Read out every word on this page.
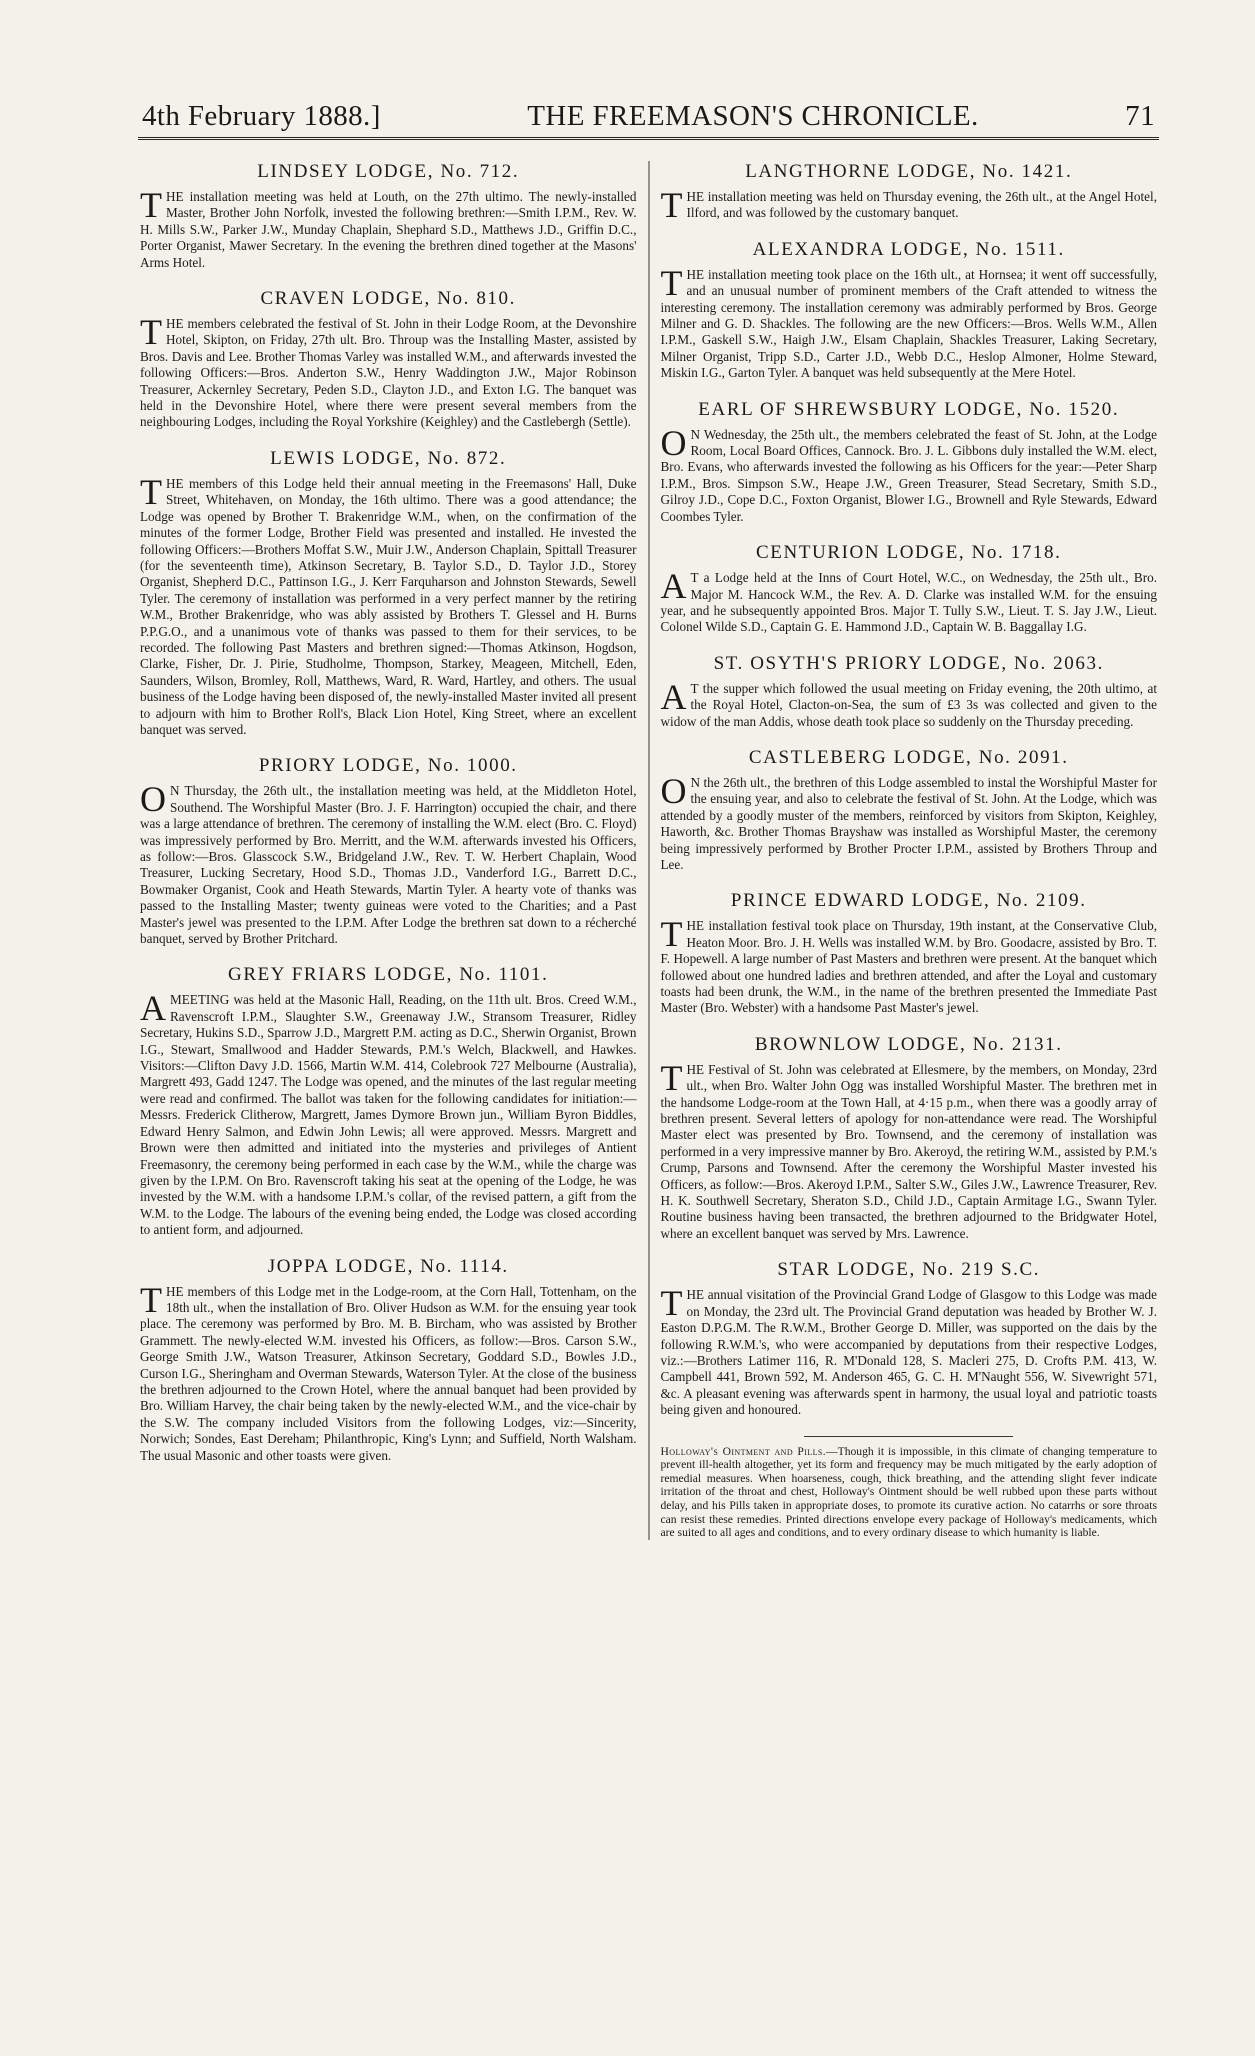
4th February 1888.]	THE FREEMASON'S CHRONICLE.	71
LINDSEY LODGE, No. 712.

THE installation meeting was held at Louth, on the 27th ultimo. The newly-installed Master, Brother John Norfolk, invested the following brethren:—Smith I.P.M., Rev. W. H. Mills S.W., Parker J.W., Munday Chaplain, Shephard S.D., Matthews J.D., Griffin D.C., Porter Organist, Mawer Secretary. In the evening the brethren dined together at the Masons' Arms Hotel.

CRAVEN LODGE, No. 810.

THE members celebrated the festival of St. John in their Lodge Room, at the Devonshire Hotel, Skipton, on Friday, 27th ult. Bro. Throup was the Installing Master, assisted by Bros. Davis and Lee. Brother Thomas Varley was installed W.M., and afterwards invested the following Officers:—Bros. Anderton S.W., Henry Waddington J.W., Major Robinson Treasurer, Ackernley Secretary, Peden S.D., Clayton J.D., and Exton I.G. The banquet was held in the Devonshire Hotel, where there were present several members from the neighbouring Lodges, including the Royal Yorkshire (Keighley) and the Castlebergh (Settle).

LEWIS LODGE, No. 872.

THE members of this Lodge held their annual meeting in the Freemasons' Hall, Duke Street, Whitehaven, on Monday, the 16th ultimo. There was a good attendance; the Lodge was opened by Brother T. Brakenridge W.M., when, on the confirmation of the minutes of the former Lodge, Brother Field was presented and installed. He invested the following Officers:—Brothers Moffat S.W., Muir J.W., Anderson Chaplain, Spittall Treasurer (for the seventeenth time), Atkinson Secretary, B. Taylor S.D., D. Taylor J.D., Storey Organist, Shepherd D.C., Pattinson I.G., J. Kerr Farquharson and Johnston Stewards, Sewell Tyler. The ceremony of installation was performed in a very perfect manner by the retiring W.M., Brother Brakenridge, who was ably assisted by Brothers T. Glessel and H. Burns P.P.G.O., and a unanimous vote of thanks was passed to them for their services, to be recorded. The following Past Masters and brethren signed:—Thomas Atkinson, Hogdson, Clarke, Fisher, Dr. J. Pirie, Studholme, Thompson, Starkey, Meageen, Mitchell, Eden, Saunders, Wilson, Bromley, Roll, Matthews, Ward, R. Ward, Hartley, and others. The usual business of the Lodge having been disposed of, the newly-installed Master invited all present to adjourn with him to Brother Roll's, Black Lion Hotel, King Street, where an excellent banquet was served.

PRIORY LODGE, No. 1000.

O N Thursday, the 26th ult., the installation meeting was held, at the Middleton Hotel, Southend. The Worshipful Master (Bro. J. F. Harrington) occupied the chair, and there was a large attendance of brethren. The ceremony of installing the W.M. elect (Bro. C. Floyd) was impressively performed by Bro. Merritt, and the W.M. afterwards invested his Officers, as follow:—Bros. Glasscock S.W., Bridgeland J.W., Rev. T. W. Herbert Chaplain, Wood Treasurer, Lucking Secretary, Hood S.D., Thomas J.D., Vanderford I.G., Barrett D.C., Bowmaker Organist, Cook and Heath Stewards, Martin Tyler. A hearty vote of thanks was passed to the Installing Master; twenty guineas were voted to the Charities; and a Past Master's jewel was presented to the I.P.M. After Lodge the brethren sat down to a récherché banquet, served by Brother Pritchard.

GREY FRIARS LODGE, No. 1101.

AMEETING was held at the Masonic Hall, Reading, on the 11th ult. Bros. Creed W.M., Ravenscroft I.P.M., Slaughter S.W., Greenaway J.W., Stransom Treasurer, Ridley Secretary, Hukins S.D., Sparrow J.D., Margrett P.M. acting as D.C., Sherwin Organist, Brown I.G., Stewart, Smallwood and Hadder Stewards, P.M.'s Welch, Blackwell, and Hawkes. Visitors:—Clifton Davy J.D. 1566, Martin W.M. 414, Colebrook 727 Melbourne (Australia), Margrett 493, Gadd 1247. The Lodge was opened, and the minutes of the last regular meeting were read and confirmed. The ballot was taken for the following candidates for initiation:—Messrs. Frederick Clitherow, Margrett, James Dymore Brown jun., William Byron Biddles, Edward Henry Salmon, and Edwin John Lewis; all were approved. Messrs. Margrett and Brown were then admitted and initiated into the mysteries and privileges of Antient Freemasonry, the ceremony being performed in each case by the W.M., while the charge was given by the I.P.M. On Bro. Ravenscroft taking his seat at the opening of the Lodge, he was invested by the W.M. with a handsome I.P.M.'s collar, of the revised pattern, a gift from the W.M. to the Lodge. The labours of the evening being ended, the Lodge was closed according to antient form, and adjourned.

JOPPA LODGE, No. 1114.

THE members of this Lodge met in the Lodge-room, at the Corn Hall, Tottenham, on the 18th ult., when the installation of Bro. Oliver Hudson as W.M. for the ensuing year took place. The ceremony was performed by Bro. M. B. Bircham, who was assisted by Brother Grammett. The newly-elected W.M. invested his Officers, as follow:—Bros. Carson S.W., George Smith J.W., Watson Treasurer, Atkinson Secretary, Goddard S.D., Bowles J.D., Curson I.G., Sheringham and Overman Stewards, Waterson Tyler. At the close of the business the brethren adjourned to the Crown Hotel, where the annual banquet had been provided by Bro. William Harvey, the chair being taken by the newly-elected W.M., and the vice-chair by the S.W. The company included Visitors from the following Lodges, viz:—Sincerity, Norwich; Sondes, East Dereham; Philanthropic, King's Lynn; and Suffield, North Walsham. The usual Masonic and other toasts were given.

LANGTHORNE LODGE, No. 1421.

THE installation meeting was held on Thursday evening, the 26th ult., at the Angel Hotel, Ilford, and was followed by the customary banquet.

ALEXANDRA LODGE, No. 1511.

THE installation meeting took place on the 16th ult., at Hornsea; it went off successfully, and an unusual number of prominent members of the Craft attended to witness the interesting ceremony. The installation ceremony was admirably performed by Bros. George Milner and G. D. Shackles. The following are the new Officers:—Bros. Wells W.M., Allen I.P.M., Gaskell S.W., Haigh J.W., Elsam Chaplain, Shackles Treasurer, Laking Secretary, Milner Organist, Tripp S.D., Carter J.D., Webb D.C., Heslop Almoner, Holme Steward, Miskin I.G., Garton Tyler. A banquet was held subsequently at the Mere Hotel.

EARL OF SHREWSBURY LODGE, No. 1520.

O N Wednesday, the 25th ult., the members celebrated the feast of St. John, at the Lodge Room, Local Board Offices, Cannock. Bro. J. L. Gibbons duly installed the W.M. elect, Bro. Evans, who afterwards invested the following as his Officers for the year:—Peter Sharp I.P.M., Bros. Simpson S.W., Heape J.W., Green Treasurer, Stead Secretary, Smith S.D., Gilroy J.D., Cope D.C., Foxton Organist, Blower I.G., Brownell and Ryle Stewards, Edward Coombes Tyler.

CENTURION LODGE, No. 1718.

A T a Lodge held at the Inns of Court Hotel, W.C., on Wednesday, the 25th ult., Bro. Major M. Hancock W.M., the Rev. A. D. Clarke was installed W.M. for the ensuing year, and he subsequently appointed Bros. Major T. Tully S.W., Lieut. T. S. Jay J.W., Lieut. Colonel Wilde S.D., Captain G. E. Hammond J.D., Captain W. B. Baggallay I.G.

ST. OSYTH'S PRIORY LODGE, No. 2063.

A T the supper which followed the usual meeting on Friday evening, the 20th ultimo, at the Royal Hotel, Clacton-on-Sea, the sum of £3 3s was collected and given to the widow of the man Addis, whose death took place so suddenly on the Thursday preceding.

CASTLEBERG LODGE, No. 2091.

O N the 26th ult., the brethren of this Lodge assembled to instal the Worshipful Master for the ensuing year, and also to celebrate the festival of St. John. At the Lodge, which was attended by a goodly muster of the members, reinforced by visitors from Skipton, Keighley, Haworth, &c. Brother Thomas Brayshaw was installed as Worshipful Master, the ceremony being impressively performed by Brother Procter I.P.M., assisted by Brothers Throup and Lee.

PRINCE EDWARD LODGE, No. 2109.

THE installation festival took place on Thursday, 19th instant, at the Conservative Club, Heaton Moor. Bro. J. H. Wells was installed W.M. by Bro. Goodacre, assisted by Bro. T. F. Hopewell. A large number of Past Masters and brethren were present. At the banquet which followed about one hundred ladies and brethren attended, and after the Loyal and customary toasts had been drunk, the W.M., in the name of the brethren presented the Immediate Past Master (Bro. Webster) with a handsome Past Master's jewel.

BROWNLOW LODGE, No. 2131.

THE Festival of St. John was celebrated at Ellesmere, by the members, on Monday, 23rd ult., when Bro. Walter John Ogg was installed Worshipful Master. The brethren met in the handsome Lodge-room at the Town Hall, at 4·15 p.m., when there was a goodly array of brethren present. Several letters of apology for non-attendance were read. The Worshipful Master elect was presented by Bro. Townsend, and the ceremony of installation was performed in a very impressive manner by Bro. Akeroyd, the retiring W.M., assisted by P.M.'s Crump, Parsons and Townsend. After the ceremony the Worshipful Master invested his Officers, as follow:—Bros. Akeroyd I.P.M., Salter S.W., Giles J.W., Lawrence Treasurer, Rev. H. K. Southwell Secretary, Sheraton S.D., Child J.D., Captain Armitage I.G., Swann Tyler. Routine business having been transacted, the brethren adjourned to the Bridgwater Hotel, where an excellent banquet was served by Mrs. Lawrence.

STAR LODGE, No. 219 S.C.

THE annual visitation of the Provincial Grand Lodge of Glasgow to this Lodge was made on Monday, the 23rd ult. The Provincial Grand deputation was headed by Brother W. J. Easton D.P.G.M. The R.W.M., Brother George D. Miller, was supported on the dais by the following R.W.M.'s, who were accompanied by deputations from their respective Lodges, viz.:—Brothers Latimer 116, R. M'Donald 128, S. Macleri 275, D. Crofts P.M. 413, W. Campbell 441, Brown 592, M. Anderson 465, G. C. H. M'Naught 556, W. Sivewright 571, &c. A pleasant evening was afterwards spent in harmony, the usual loyal and patriotic toasts being given and honoured.

Holloway's Ointment and Pills.—Though it is impossible, in this climate of changing temperature to prevent ill-health altogether, yet its form and frequency may be much mitigated by the early adoption of remedial measures. When hoarseness, cough, thick breathing, and the attending slight fever indicate irritation of the throat and chest, Holloway's Ointment should be well rubbed upon these parts without delay, and his Pills taken in appropriate doses, to promote its curative action. No catarrhs or sore throats can resist these remedies. Printed directions envelope every package of Holloway's medicaments, which are suited to all ages and conditions, and to every ordinary disease to which humanity is liable.
